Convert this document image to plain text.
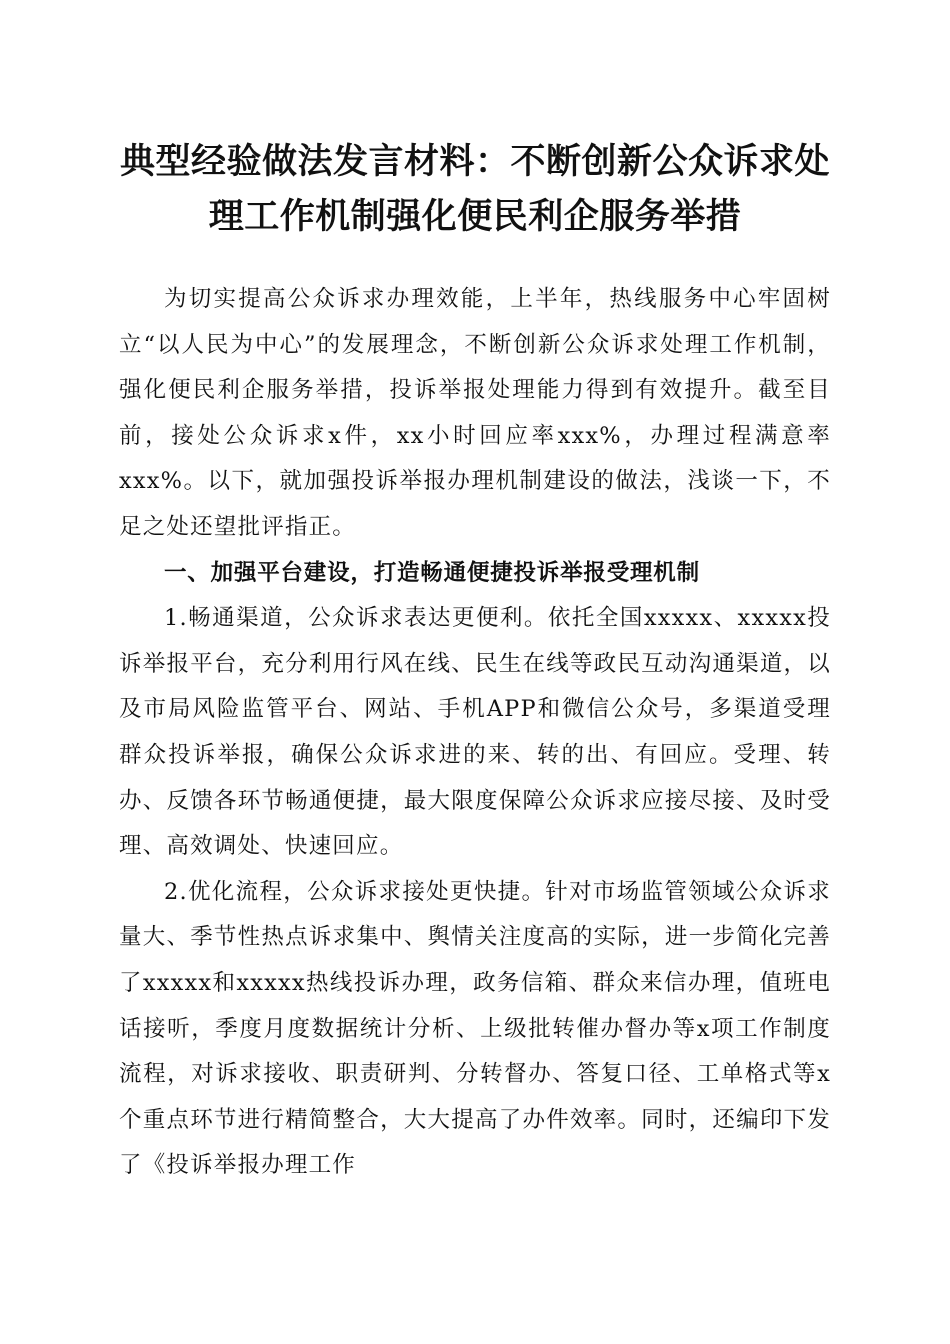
典型经验做法发言材料：不断创新公众诉求处
理工作机制强化便民利企服务举措

为切实提高公众诉求办理效能，上半年，热线服务中心牢固树立“以人民为中心”的发展理念，不断创新公众诉求处理工作机制，强化便民利企服务举措，投诉举报处理能力得到有效提升。截至目前，接处公众诉求x件，xx小时回应率xxx%，办理过程满意率xxx%。以下，就加强投诉举报办理机制建设的做法，浅谈一下，不足之处还望批评指正。

一、加强平台建设，打造畅通便捷投诉举报受理机制

1.畅通渠道，公众诉求表达更便利。依托全国xxxxx、xxxxx投诉举报平台，充分利用行风在线、民生在线等政民互动沟通渠道，以及市局风险监管平台、网站、手机APP和微信公众号，多渠道受理群众投诉举报，确保公众诉求进的来、转的出、有回应。受理、转办、反馈各环节畅通便捷，最大限度保障公众诉求应接尽接、及时受理、高效调处、快速回应。

2.优化流程，公众诉求接处更快捷。针对市场监管领域公众诉求量大、季节性热点诉求集中、舆情关注度高的实际，进一步简化完善了xxxxx和xxxxx热线投诉办理，政务信箱、群众来信办理，值班电话接听，季度月度数据统计分析、上级批转催办督办等x项工作制度流程，对诉求接收、职责研判、分转督办、答复口径、工单格式等x个重点环节进行精简整合，大大提高了办件效率。同时，还编印下发了《投诉举报办理工作
